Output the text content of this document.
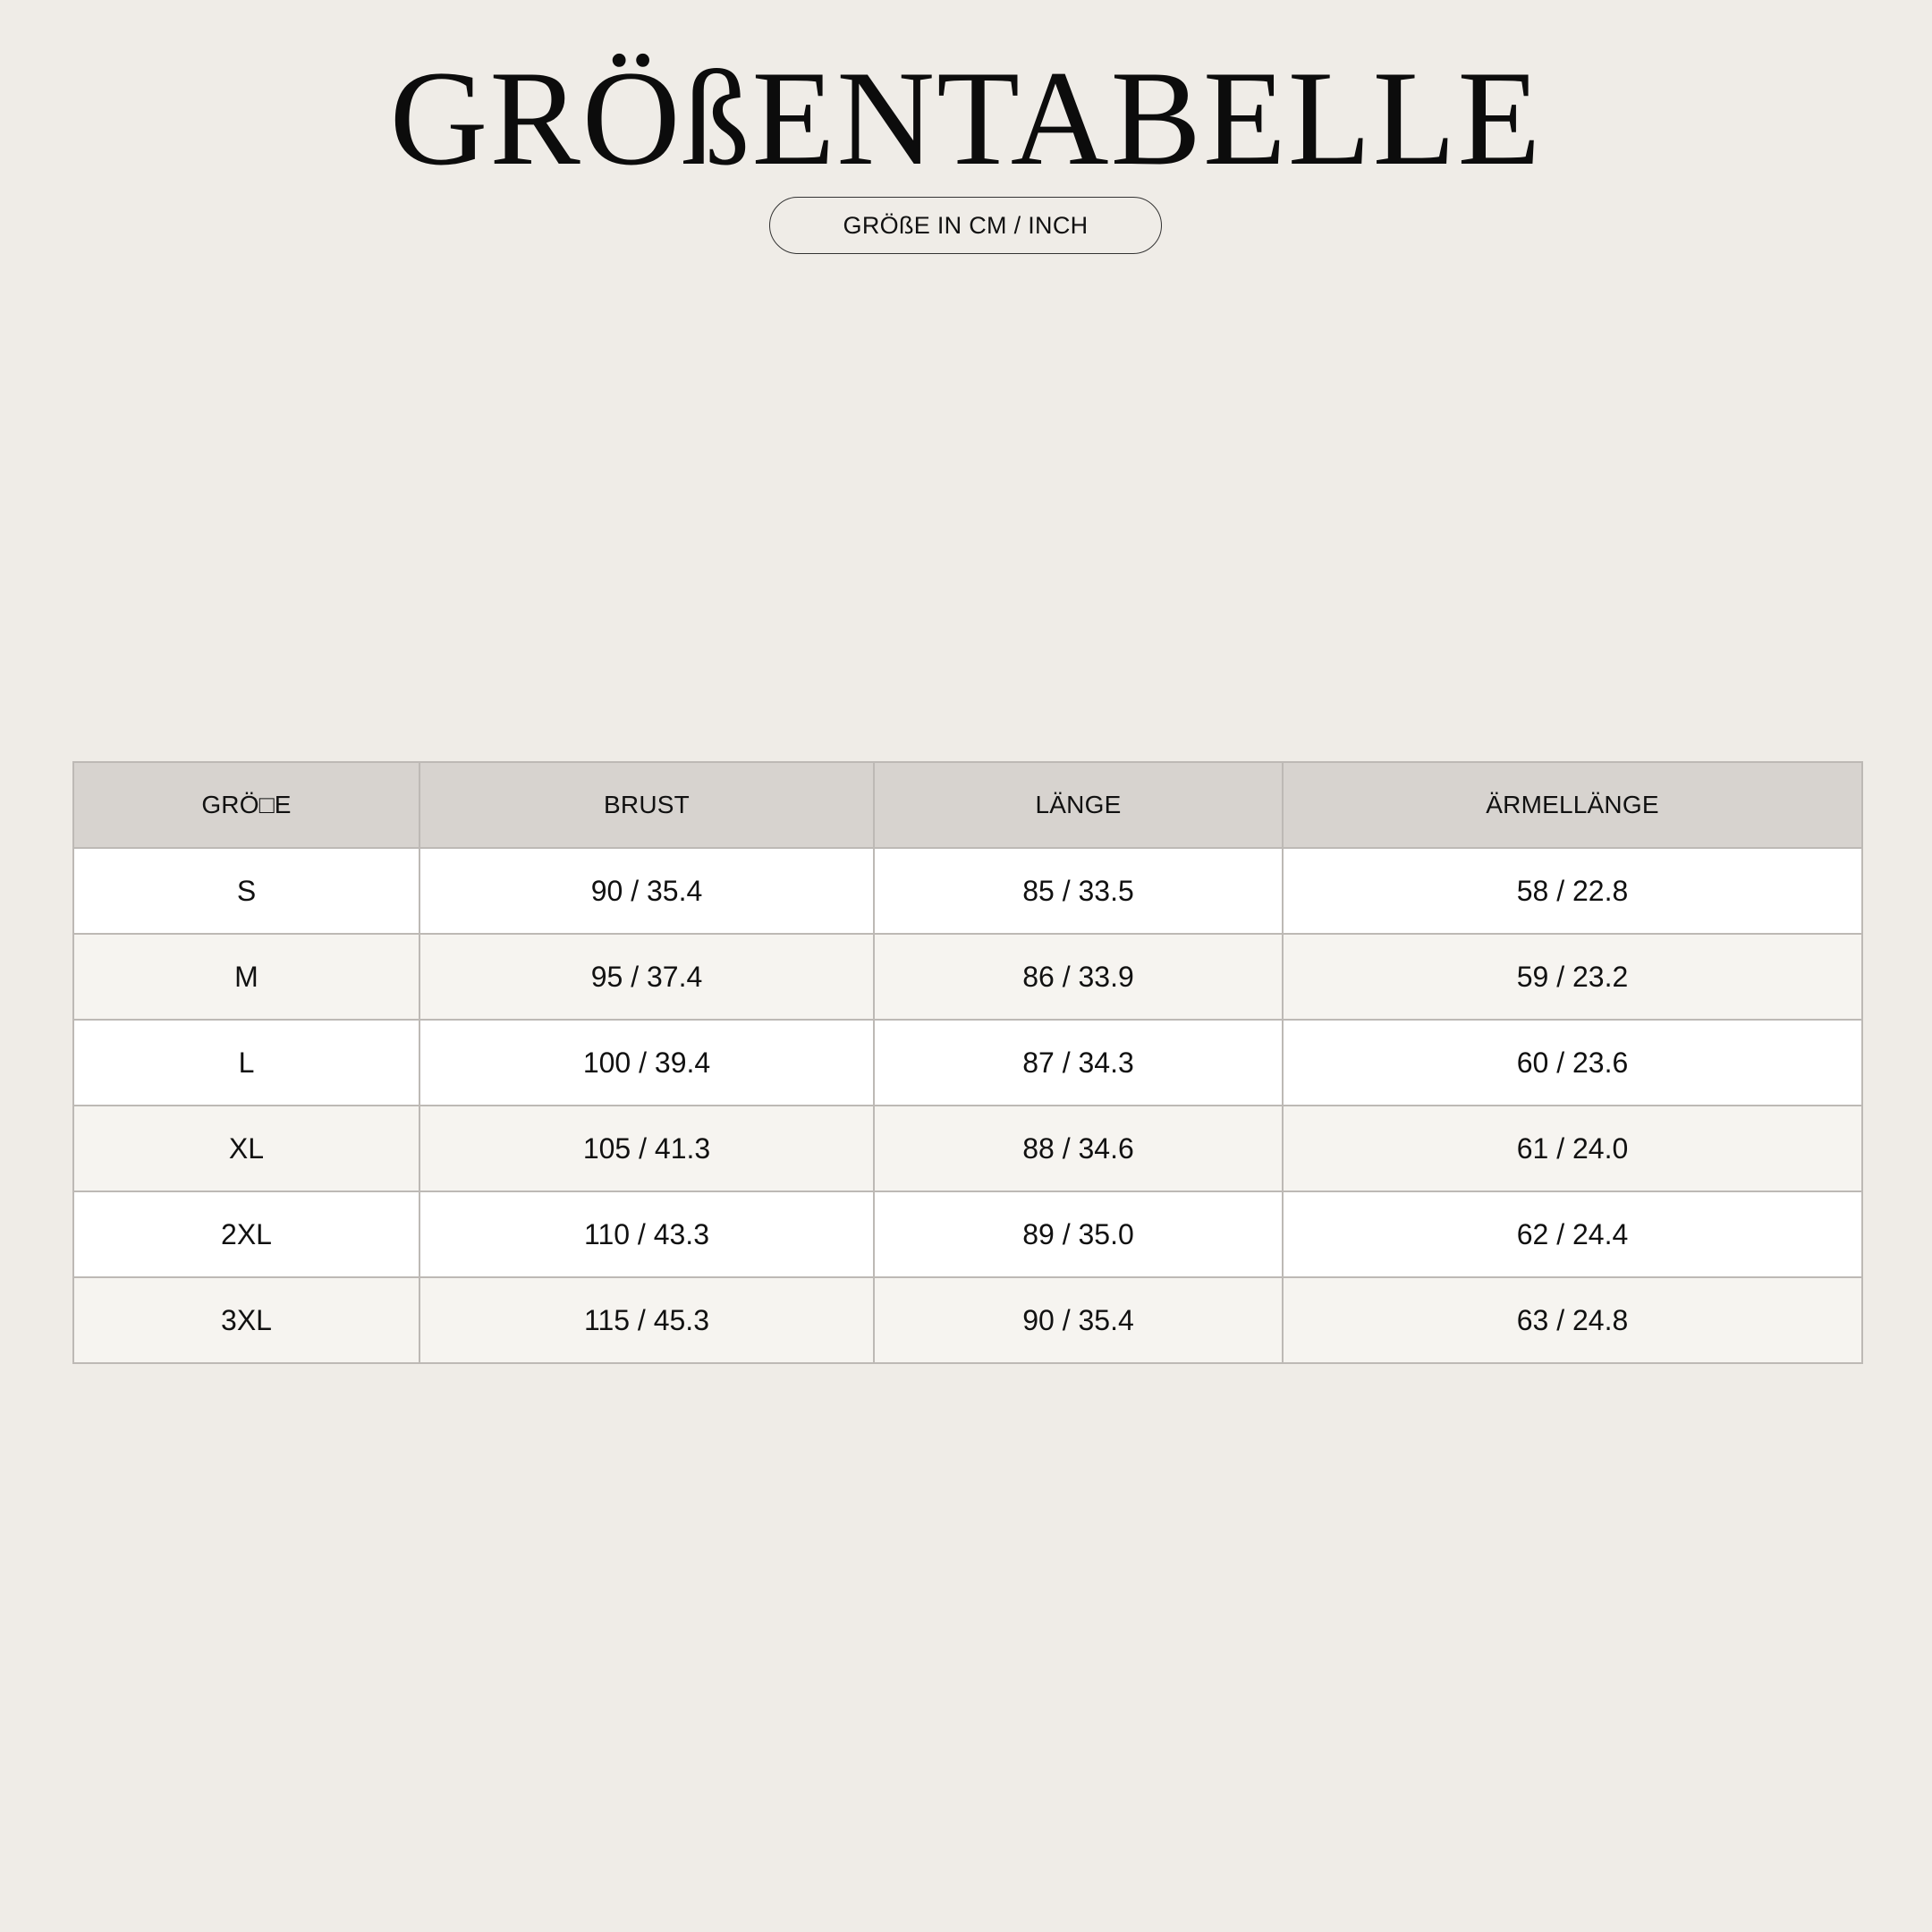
GRÖßENTABELLE
GRÖßE IN CM / INCH
GRÖ□E	BRUST	LÄNGE	ÄRMELLÄNGE
S	90 / 35.4	85 / 33.5	58 / 22.8
M	95 / 37.4	86 / 33.9	59 / 23.2
L	100 / 39.4	87 / 34.3	60 / 23.6
XL	105 / 41.3	88 / 34.6	61 / 24.0
2XL	110 / 43.3	89 / 35.0	62 / 24.4
3XL	115 / 45.3	90 / 35.4	63 / 24.8
